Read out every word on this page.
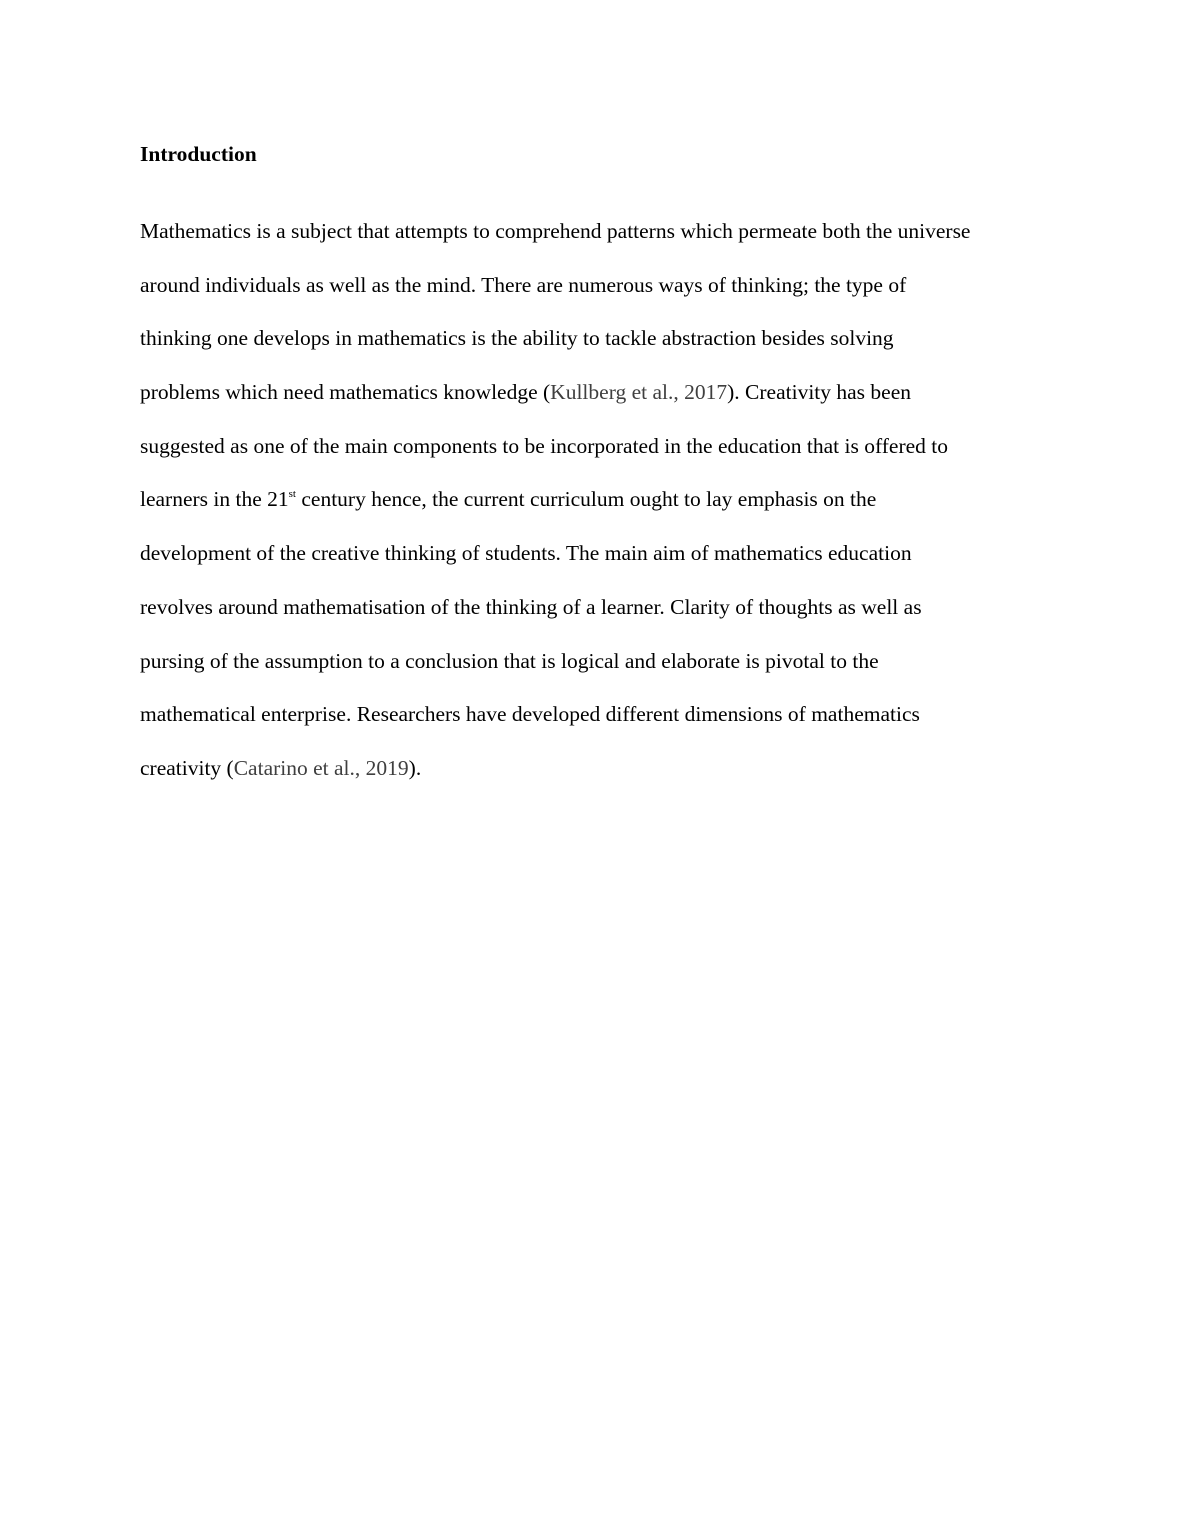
Introduction
Mathematics is a subject that attempts to comprehend patterns which permeate both the universe
around individuals as well as the mind. There are numerous ways of thinking; the type of
thinking one develops in mathematics is the ability to tackle abstraction besides solving
problems which need mathematics knowledge (Kullberg et al., 2017). Creativity has been
suggested as one of the main components to be incorporated in the education that is offered to
learners in the 21st century hence, the current curriculum ought to lay emphasis on the
development of the creative thinking of students. The main aim of mathematics education
revolves around mathematisation of the thinking of a learner. Clarity of thoughts as well as
pursing of the assumption to a conclusion that is logical and elaborate is pivotal to the
mathematical enterprise. Researchers have developed different dimensions of mathematics
creativity (Catarino et al., 2019).
